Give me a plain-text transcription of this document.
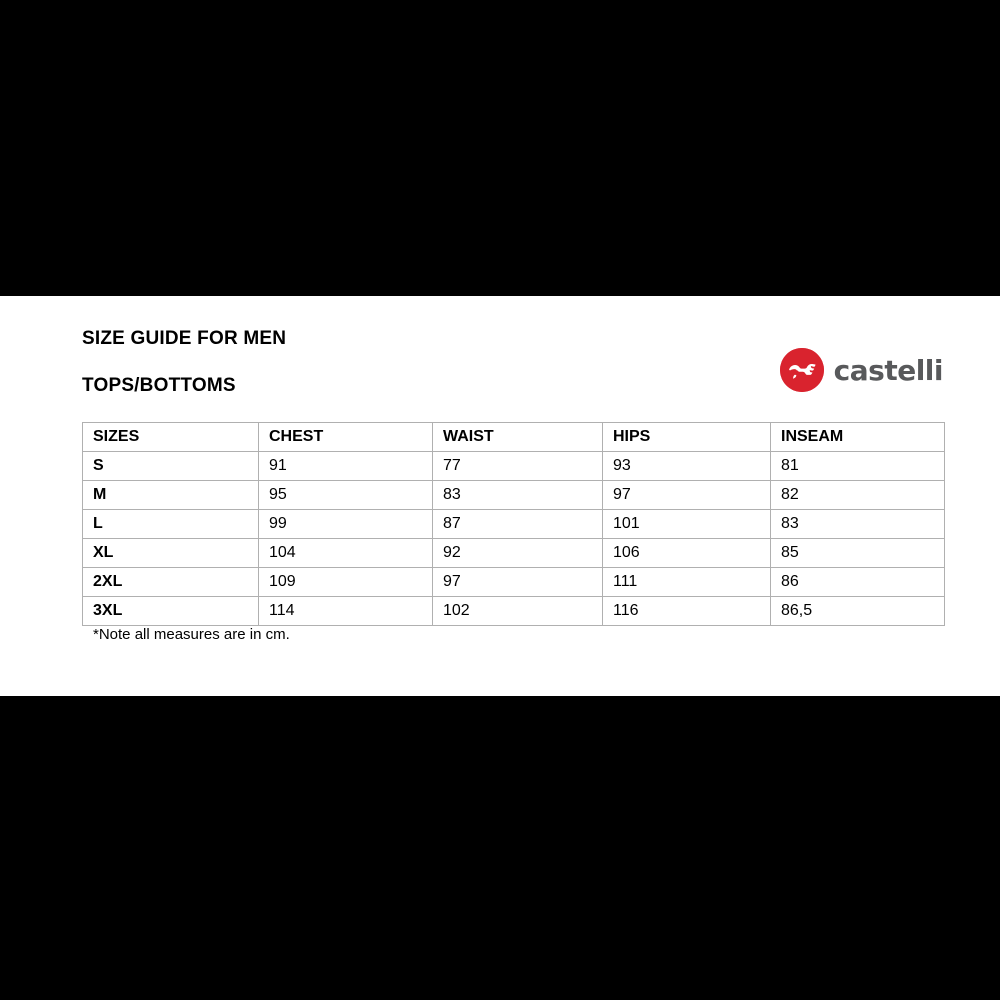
SIZE GUIDE FOR MEN
TOPS/BOTTOMS	castelli
SIZES	CHEST	WAIST	HIPS	INSEAM
S	91	77	93	81
M	95	83	97	82
L	99	87	101	83
XL	104	92	106	85
2XL	109	97	111	86
3XL	114	102	116	86,5
*Note all measures are in cm.
